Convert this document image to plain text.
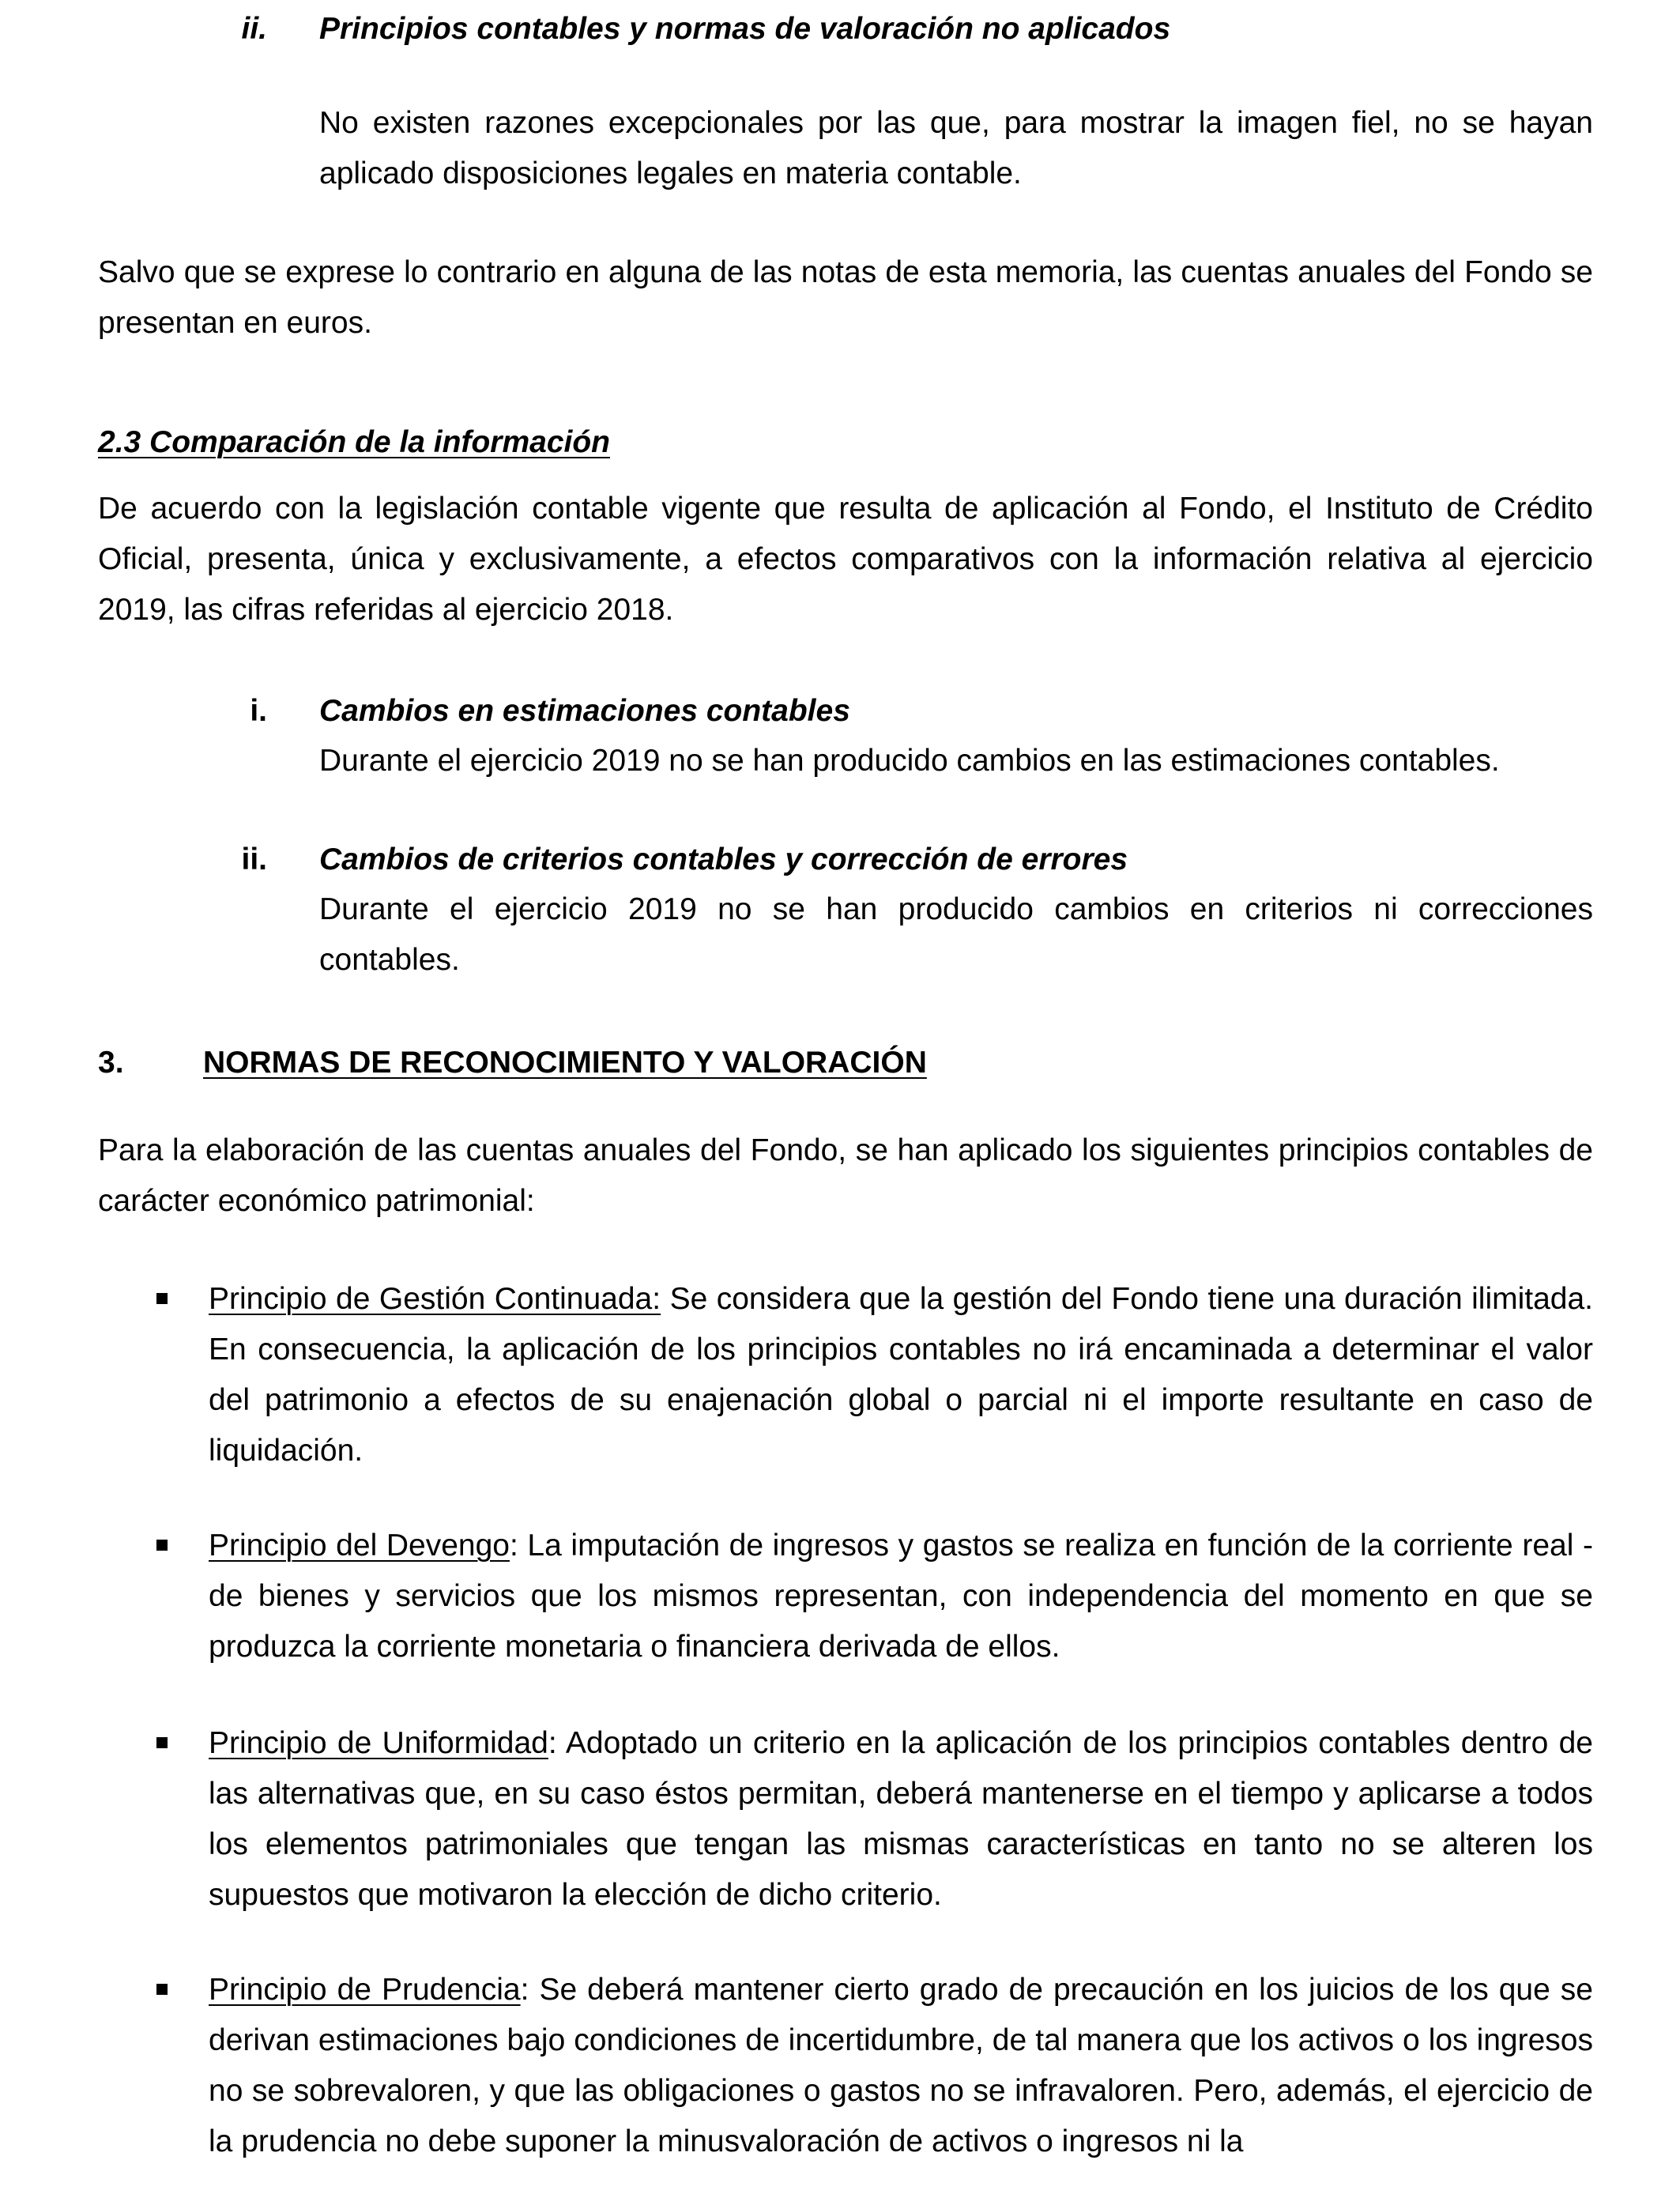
ii. Principios contables y normas de valoración no aplicados

No existen razones excepcionales por las que, para mostrar la imagen fiel, no se hayan aplicado disposiciones legales en materia contable.

Salvo que se exprese lo contrario en alguna de las notas de esta memoria, las cuentas anuales del Fondo se presentan en euros.

2.3 Comparación de la información

De acuerdo con la legislación contable vigente que resulta de aplicación al Fondo, el Instituto de Crédito Oficial, presenta, única y exclusivamente, a efectos comparativos con la información relativa al ejercicio 2019, las cifras referidas al ejercicio 2018.

i. Cambios en estimaciones contables

Durante el ejercicio 2019 no se han producido cambios en las estimaciones contables.

ii. Cambios de criterios contables y corrección de errores

Durante el ejercicio 2019 no se han producido cambios en criterios ni correcciones contables.

3.	NORMAS DE RECONOCIMIENTO Y VALORACIÓN

Para la elaboración de las cuentas anuales del Fondo, se han aplicado los siguientes principios contables de carácter económico patrimonial:

Principio de Gestión Continuada: Se considera que la gestión del Fondo tiene una duración ilimitada. En consecuencia, la aplicación de los principios contables no irá encaminada a determinar el valor del patrimonio a efectos de su enajenación global o parcial ni el importe resultante en caso de liquidación.

Principio del Devengo: La imputación de ingresos y gastos se realiza en función de la corriente real - de bienes y servicios que los mismos representan, con independencia del momento en que se produzca la corriente monetaria o financiera derivada de ellos.

Principio de Uniformidad: Adoptado un criterio en la aplicación de los principios contables dentro de las alternativas que, en su caso éstos permitan, deberá mantenerse en el tiempo y aplicarse a todos los elementos patrimoniales que tengan las mismas características en tanto no se alteren los supuestos que motivaron la elección de dicho criterio.

Principio de Prudencia: Se deberá mantener cierto grado de precaución en los juicios de los que se derivan estimaciones bajo condiciones de incertidumbre, de tal manera que los activos o los ingresos no se sobrevaloren, y que las obligaciones o gastos no se infravaloren. Pero, además, el ejercicio de la prudencia no debe suponer la minusvaloración de activos o ingresos ni la
